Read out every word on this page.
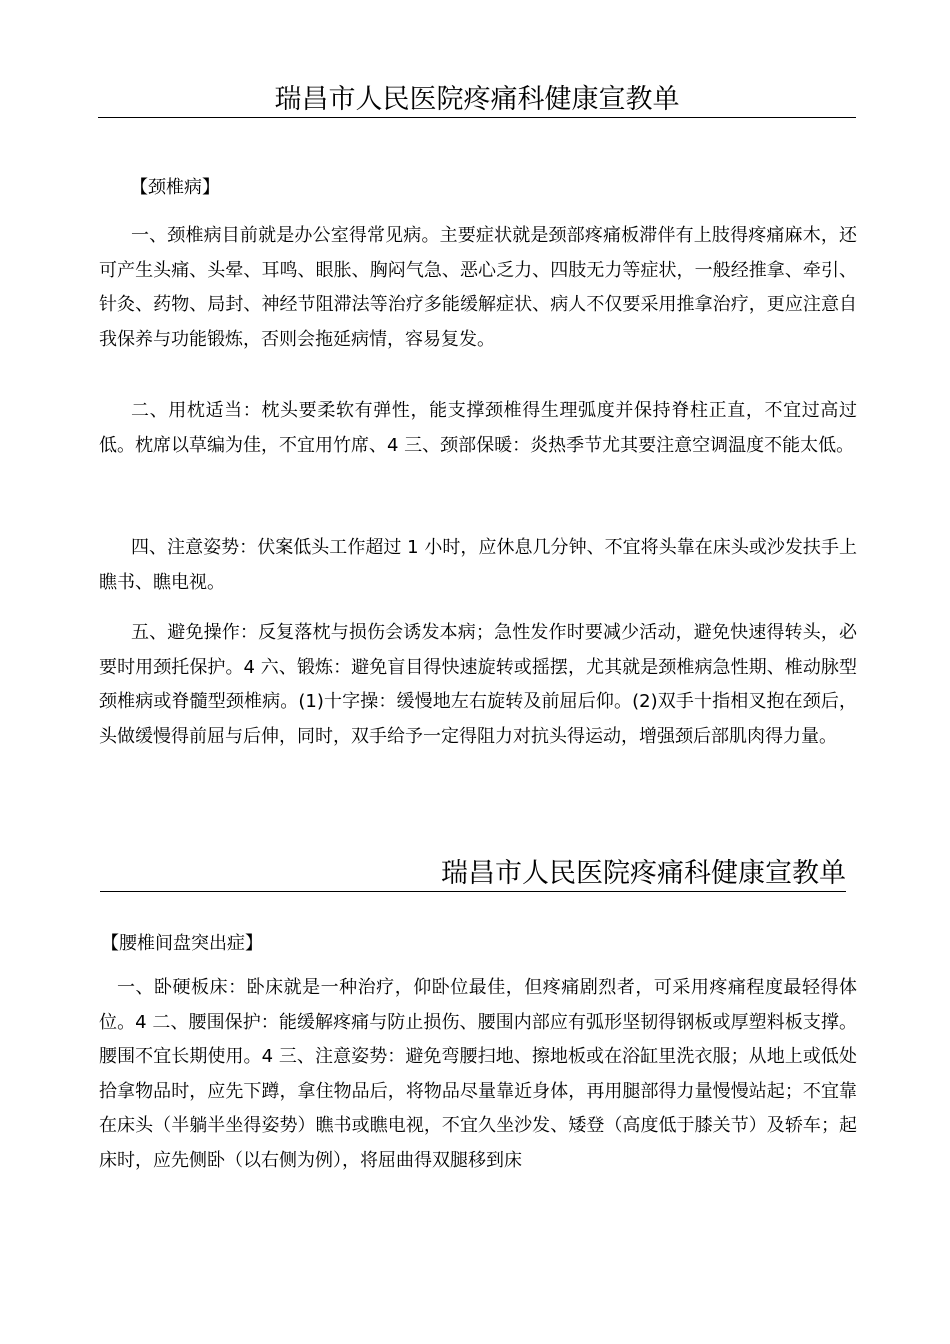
瑞昌市人民医院疼痛科健康宣教单
【颈椎病】

一、颈椎病目前就是办公室得常见病。主要症状就是颈部疼痛板滞伴有上肢得疼痛麻木，还可产生头痛、头晕、耳鸣、眼胀、胸闷气急、恶心乏力、四肢无力等症状，一般经推拿、牵引、针灸、药物、局封、神经节阻滞法等治疗多能缓解症状、病人不仅要采用推拿治疗，更应注意自我保养与功能锻炼，否则会拖延病情，容易复发。

二、用枕适当：枕头要柔软有弹性，能支撑颈椎得生理弧度并保持脊柱正直，不宜过高过低。枕席以草编为佳，不宜用竹席、4 三、颈部保暖：炎热季节尤其要注意空调温度不能太低。

四、注意姿势：伏案低头工作超过 1 小时，应休息几分钟、不宜将头靠在床头或沙发扶手上瞧书、瞧电视。

五、避免操作：反复落枕与损伤会诱发本病；急性发作时要减少活动，避免快速得转头，必要时用颈托保护。4 六、锻炼：避免盲目得快速旋转或摇摆，尤其就是颈椎病急性期、椎动脉型颈椎病或脊髓型颈椎病。(1)十字操：缓慢地左右旋转及前屈后仰。(2)双手十指相叉抱在颈后，头做缓慢得前屈与后伸，同时，双手给予一定得阻力对抗头得运动，增强颈后部肌肉得力量。

瑞昌市人民医院疼痛科健康宣教单
【腰椎间盘突出症】

一、卧硬板床：卧床就是一种治疗，仰卧位最佳，但疼痛剧烈者，可采用疼痛程度最轻得体位。4 二、腰围保护：能缓解疼痛与防止损伤、腰围内部应有弧形坚韧得钢板或厚塑料板支撑。腰围不宜长期使用。4 三、注意姿势：避免弯腰扫地、擦地板或在浴缸里洗衣服；从地上或低处拾拿物品时，应先下蹲，拿住物品后，将物品尽量靠近身体，再用腿部得力量慢慢站起；不宜靠在床头（半躺半坐得姿势）瞧书或瞧电视，不宜久坐沙发、矮登（高度低于膝关节）及轿车；起床时，应先侧卧（以右侧为例），将屈曲得双腿移到床
